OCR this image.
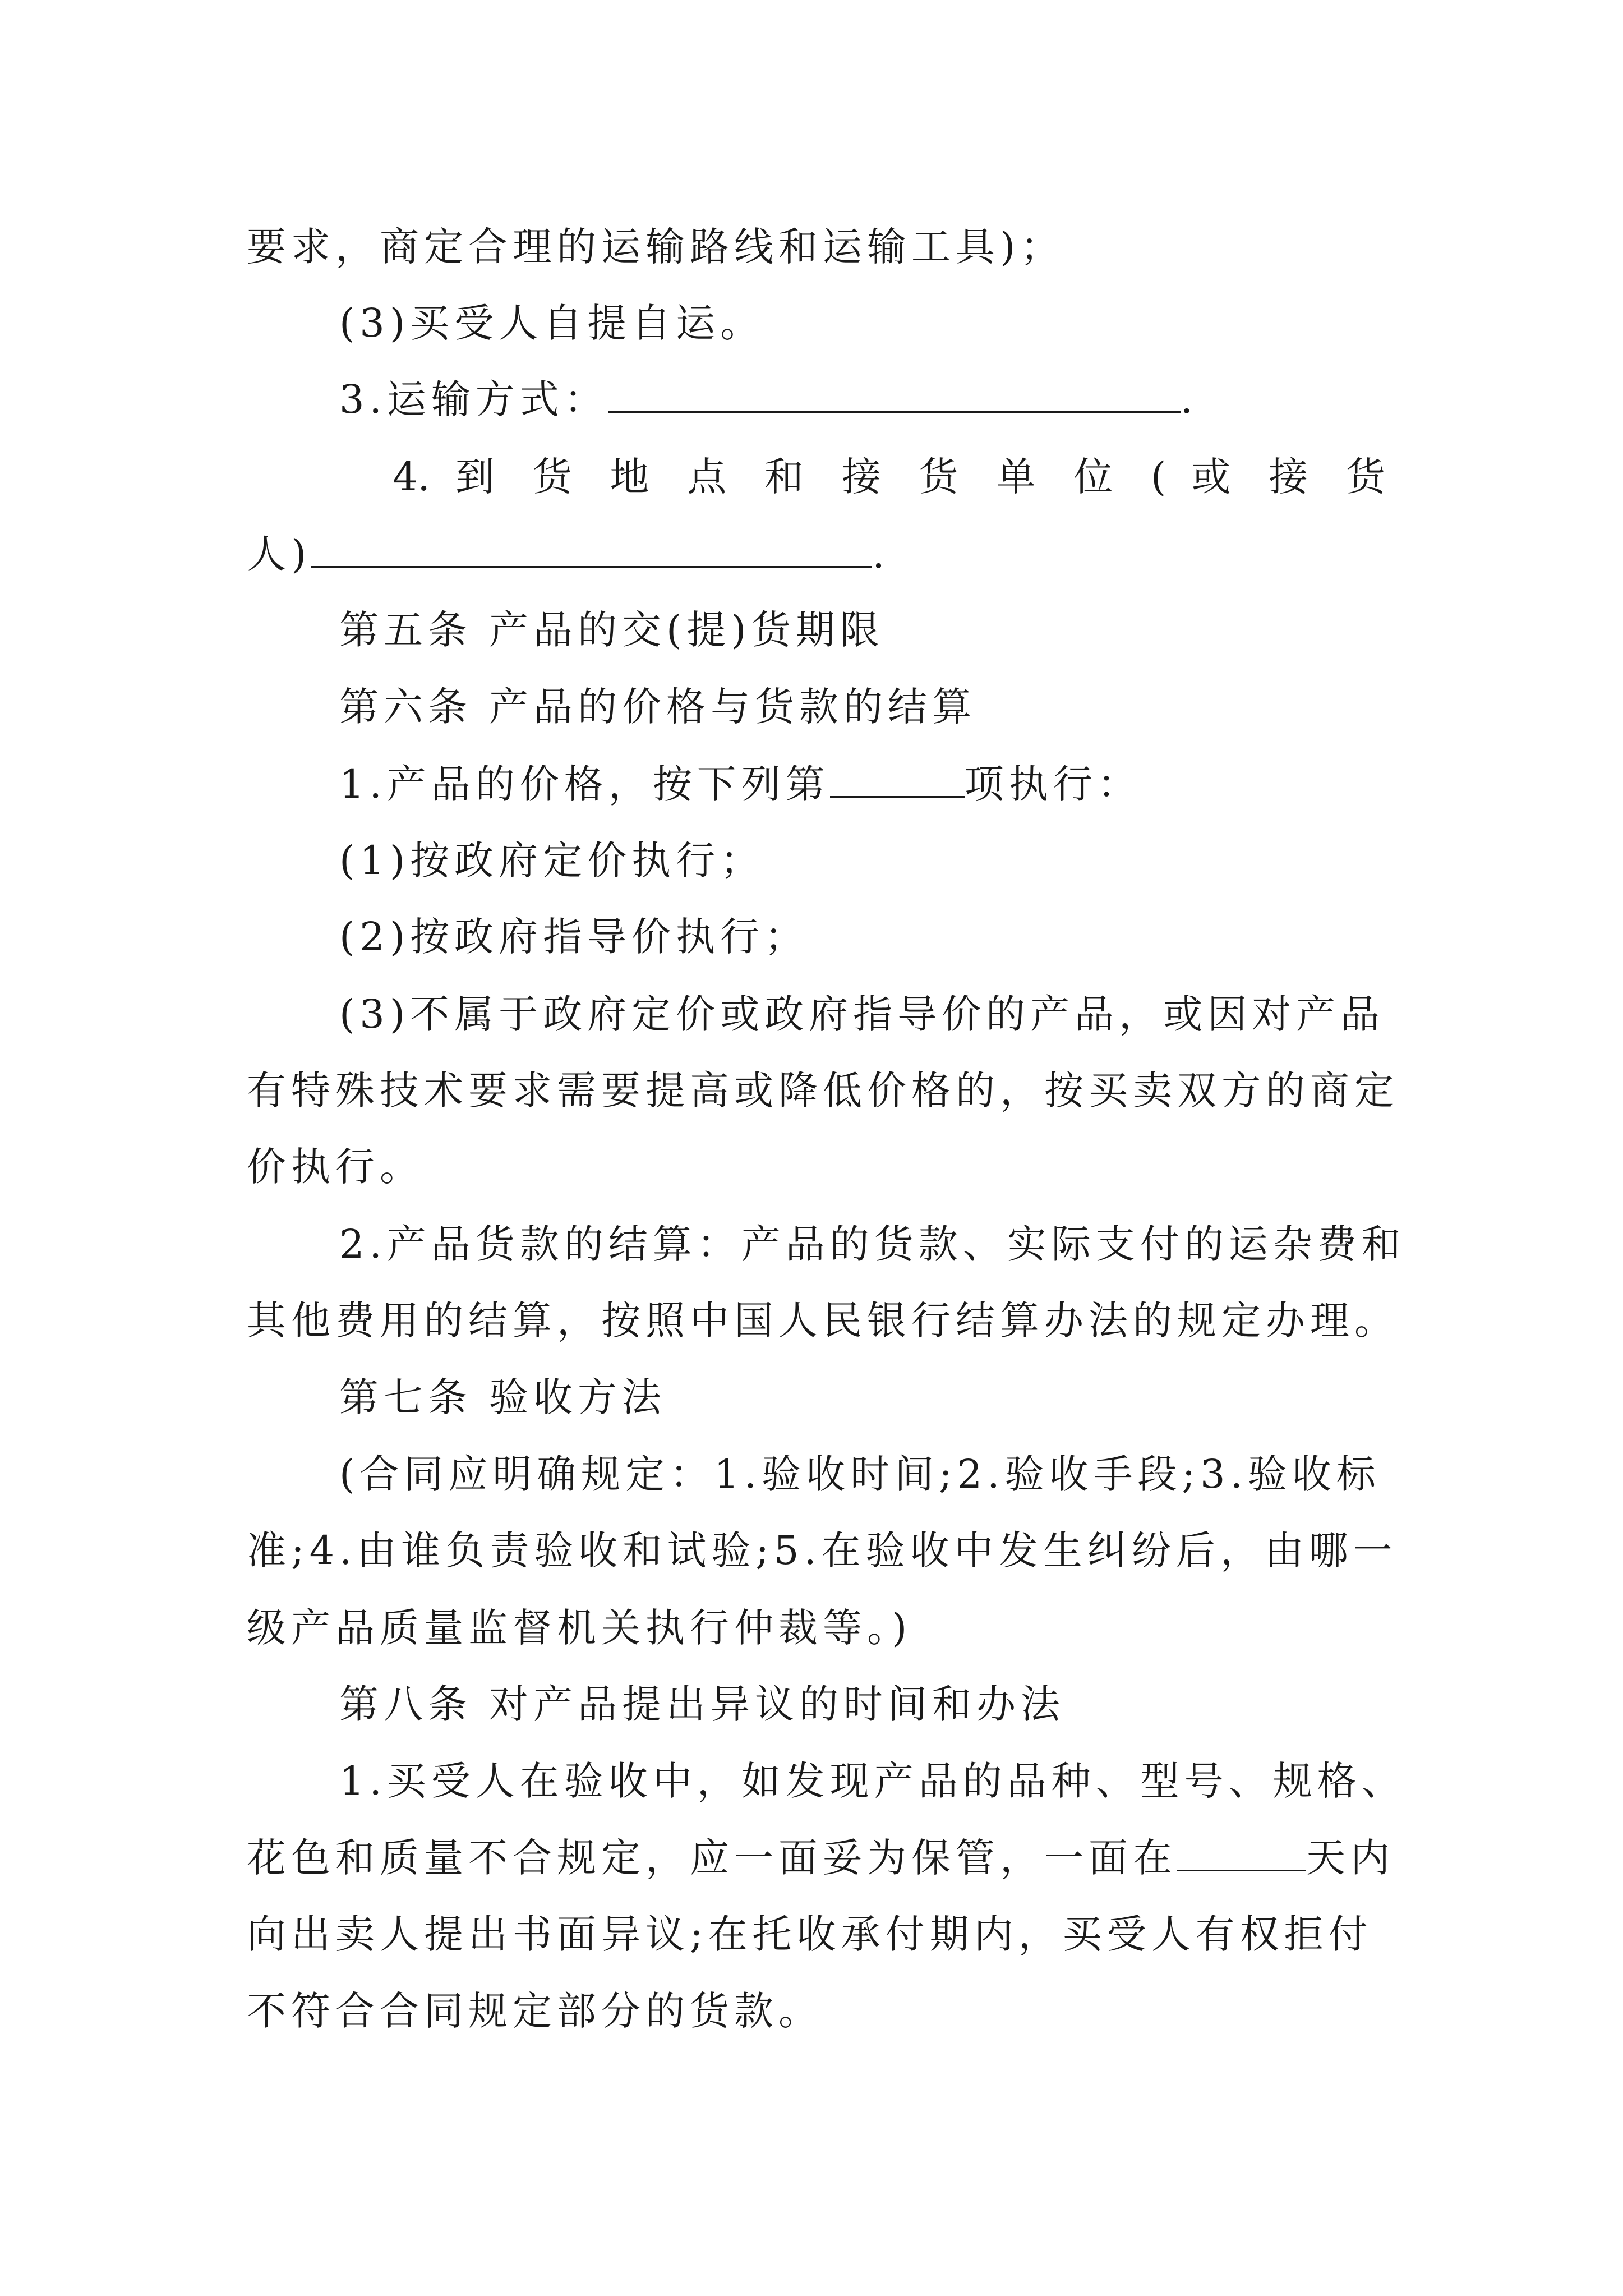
要求，商定合理的运输路线和运输工具)；
(3)买受人自提自运。
3.运输方式：	.
4. 到 货 地 点 和 接 货 单 位 ( 或 接 货
人)	.
第五条 产品的交(提)货期限
第六条 产品的价格与货款的结算
1.产品的价格，按下列第	项执行：
(1)按政府定价执行；
(2)按政府指导价执行；
(3)不属于政府定价或政府指导价的产品，或因对产品
有特殊技术要求需要提高或降低价格的，按买卖双方的商定
价执行。
2.产品货款的结算：产品的货款、实际支付的运杂费和
其他费用的结算，按照中国人民银行结算办法的规定办理。
第七条 验收方法
(合同应明确规定：1.验收时间;2.验收手段;3.验收标
准;4.由谁负责验收和试验;5.在验收中发生纠纷后，由哪一
级产品质量监督机关执行仲裁等。)
第八条 对产品提出异议的时间和办法
1.买受人在验收中，如发现产品的品种、型号、规格、
花色和质量不合规定，应一面妥为保管，一面在	天内
向出卖人提出书面异议;在托收承付期内，买受人有权拒付
不符合合同规定部分的货款。
